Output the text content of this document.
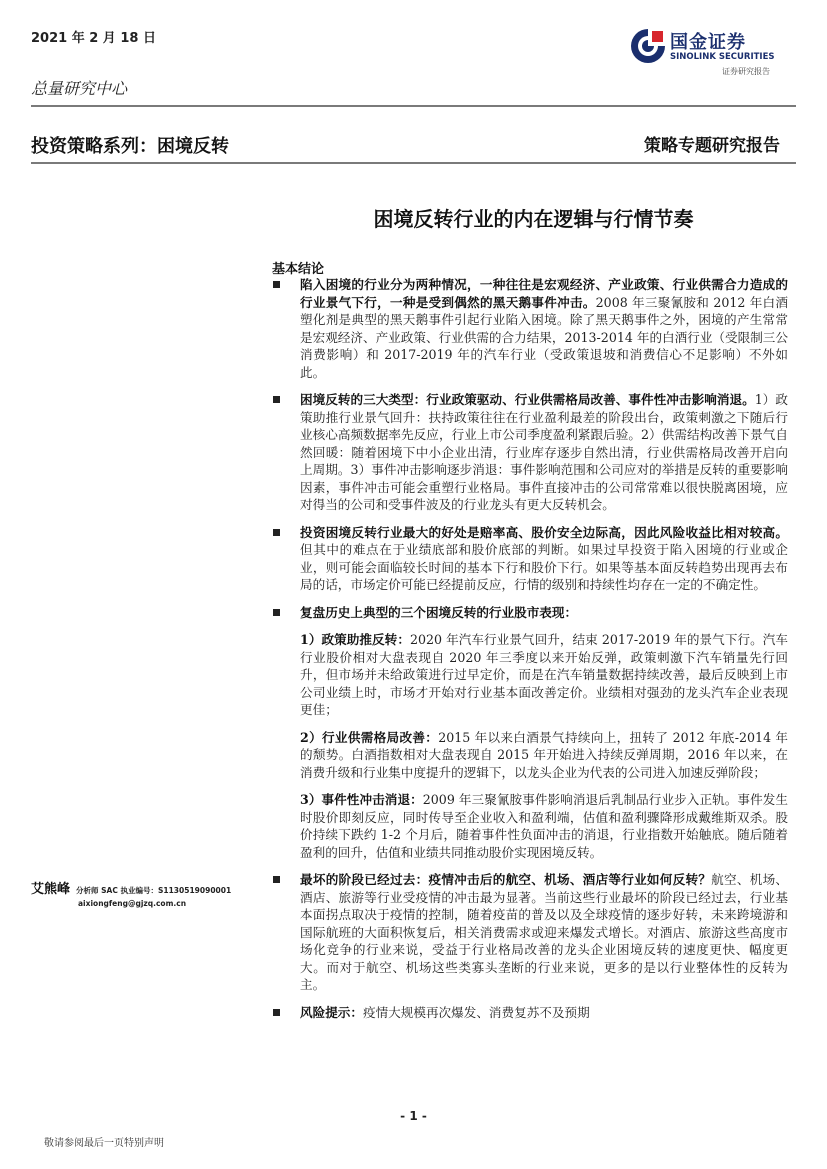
2021 年 2 月 18 日
总量研究中心
国金证券
SINOLINK SECURITIES
证券研究报告
投资策略系列：困境反转	策略专题研究报告
困境反转行业的内在逻辑与行情节奏
基本结论
陷入困境的行业分为两种情况，一种往往是宏观经济、产业政策、行业供需合力造成的行业景气下行，一种是受到偶然的黑天鹅事件冲击。2008 年三聚氰胺和 2012 年白酒塑化剂是典型的黑天鹅事件引起行业陷入困境。除了黑天鹅事件之外，困境的产生常常是宏观经济、产业政策、行业供需的合力结果，2013-2014 年的白酒行业（受限制三公消费影响）和 2017-2019 年的汽车行业（受政策退坡和消费信心不足影响）不外如此。
困境反转的三大类型：行业政策驱动、行业供需格局改善、事件性冲击影响消退。1）政策助推行业景气回升：扶持政策往往在行业盈利最差的阶段出台，政策刺激之下随后行业核心高频数据率先反应，行业上市公司季度盈利紧跟后验。2）供需结构改善下景气自然回暖：随着困境下中小企业出清，行业库存逐步自然出清，行业供需格局改善开启向上周期。3）事件冲击影响逐步消退：事件影响范围和公司应对的举措是反转的重要影响因素，事件冲击可能会重塑行业格局。事件直接冲击的公司常常难以很快脱离困境，应对得当的公司和受事件波及的行业龙头有更大反转机会。
投资困境反转行业最大的好处是赔率高、股价安全边际高，因此风险收益比相对较高。但其中的难点在于业绩底部和股价底部的判断。如果过早投资于陷入困境的行业或企业，则可能会面临较长时间的基本下行和股价下行。如果等基本面反转趋势出现再去布局的话，市场定价可能已经提前反应，行情的级别和持续性均存在一定的不确定性。
复盘历史上典型的三个困境反转的行业股市表现：
1）政策助推反转：2020 年汽车行业景气回升，结束 2017-2019 年的景气下行。汽车行业股价相对大盘表现自 2020 年三季度以来开始反弹，政策刺激下汽车销量先行回升，但市场并未给政策进行过早定价，而是在汽车销量数据持续改善，最后反映到上市公司业绩上时，市场才开始对行业基本面改善定价。业绩相对强劲的龙头汽车企业表现更佳；
2）行业供需格局改善：2015 年以来白酒景气持续向上，扭转了 2012 年底-2014 年的颓势。白酒指数相对大盘表现自 2015 年开始进入持续反弹周期，2016 年以来，在消费升级和行业集中度提升的逻辑下，以龙头企业为代表的公司进入加速反弹阶段；
3）事件性冲击消退：2009 年三聚氰胺事件影响消退后乳制品行业步入正轨。事件发生时股价即刻反应，同时传导至企业收入和盈利端，估值和盈利骤降形成戴维斯双杀。股价持续下跌约 1-2 个月后，随着事件性负面冲击的消退，行业指数开始触底。随后随着盈利的回升，估值和业绩共同推动股价实现困境反转。
最坏的阶段已经过去：疫情冲击后的航空、机场、酒店等行业如何反转？航空、机场、酒店、旅游等行业受疫情的冲击最为显著。当前这些行业最坏的阶段已经过去，行业基本面拐点取决于疫情的控制，随着疫苗的普及以及全球疫情的逐步好转，未来跨境游和国际航班的大面积恢复后，相关消费需求或迎来爆发式增长。对酒店、旅游这些高度市场化竞争的行业来说，受益于行业格局改善的龙头企业困境反转的速度更快、幅度更大。而对于航空、机场这些类寡头垄断的行业来说，更多的是以行业整体性的反转为主。
风险提示：疫情大规模再次爆发、消费复苏不及预期
艾熊峰 分析师 SAC 执业编号：S1130519090001
aixiongfeng@gjzq.com.cn
- 1 -
敬请参阅最后一页特别声明
